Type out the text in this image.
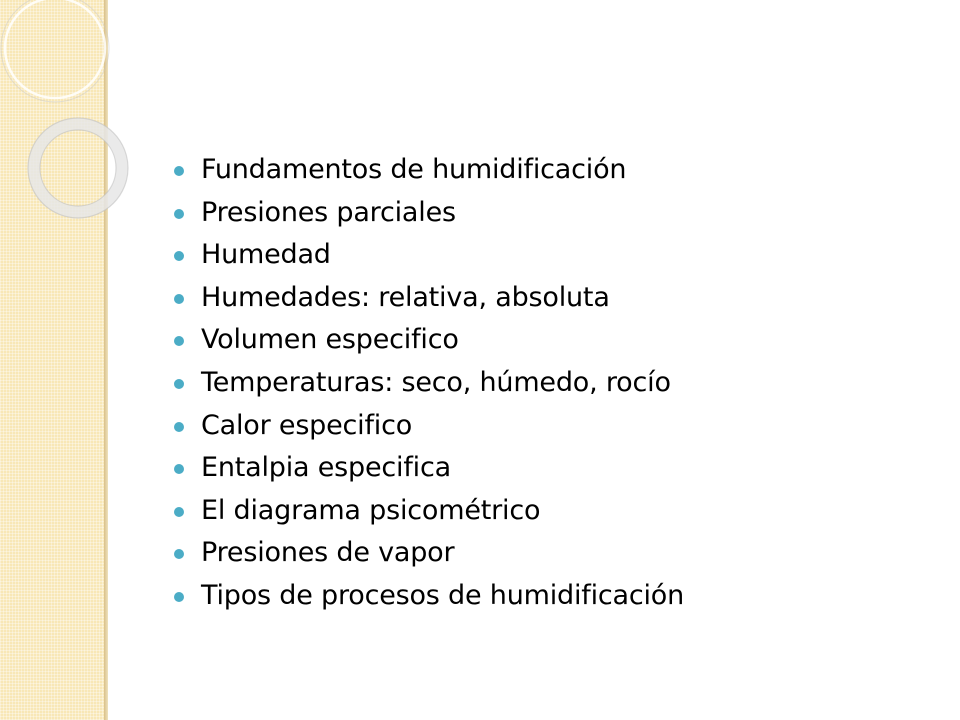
Fundamentos de humidificación
Presiones parciales
Humedad
Humedades: relativa, absoluta
Volumen especifico
Temperaturas: seco, húmedo, rocío
Calor especifico
Entalpia especifica
El diagrama psicométrico
Presiones de vapor
Tipos de procesos de humidificación
